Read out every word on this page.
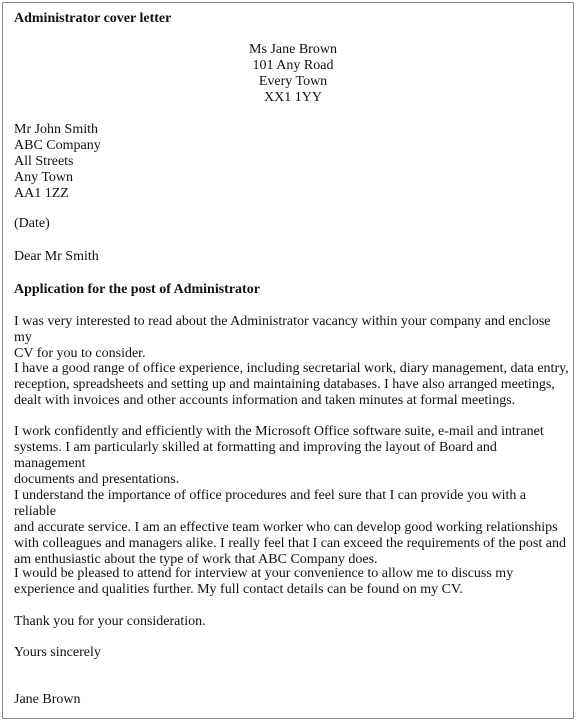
Administrator cover letter
Ms Jane Brown
101 Any Road
Every Town
XX1 1YY
Mr John Smith
ABC Company
All Streets
Any Town
AA1 1ZZ
(Date)
Dear Mr Smith
Application for the post of Administrator
I was very interested to read about the Administrator vacancy within your company and enclose my
CV for you to consider.
I have a good range of office experience, including secretarial work, diary management, data entry,
reception, spreadsheets and setting up and maintaining databases. I have also arranged meetings,
dealt with invoices and other accounts information and taken minutes at formal meetings.
I work confidently and efficiently with the Microsoft Office software suite, e-mail and intranet
systems. I am particularly skilled at formatting and improving the layout of Board and management
documents and presentations.
I understand the importance of office procedures and feel sure that I can provide you with a reliable
and accurate service. I am an effective team worker who can develop good working relationships
with colleagues and managers alike. I really feel that I can exceed the requirements of the post and
am enthusiastic about the type of work that ABC Company does.
I would be pleased to attend for interview at your convenience to allow me to discuss my
experience and qualities further. My full contact details can be found on my CV.
Thank you for your consideration.
Yours sincerely
Jane Brown
